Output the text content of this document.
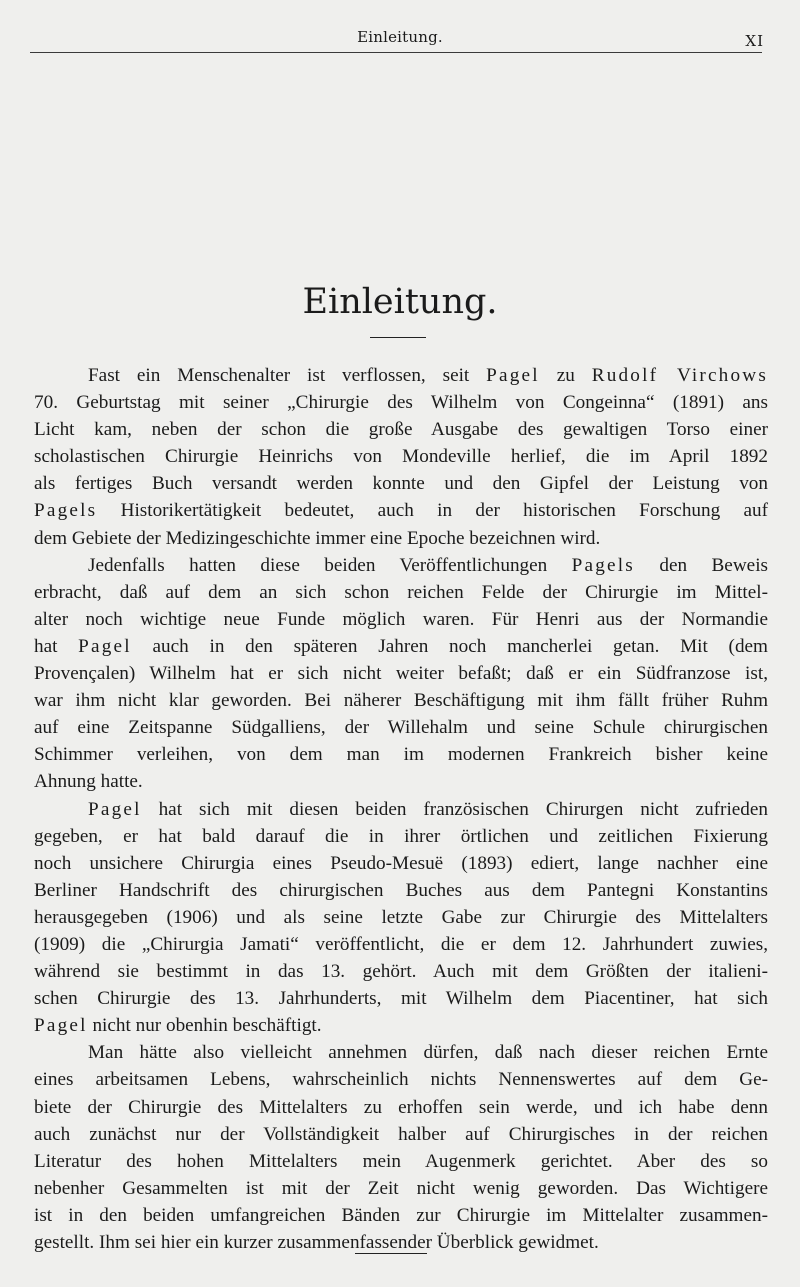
Einleitung.	XI
Einleitung.
Fast ein Menschenalter ist verflossen, seit Pagel zu Rudolf Virchows
70. Geburtstag mit seiner „Chirurgie des Wilhelm von Congeinna“ (1891) ans
Licht kam, neben der schon die große Ausgabe des gewaltigen Torso einer
scholastischen Chirurgie Heinrichs von Mondeville herlief, die im April 1892
als fertiges Buch versandt werden konnte und den Gipfel der Leistung von
Pagels Historikertätigkeit bedeutet, auch in der historischen Forschung auf
dem Gebiete der Medizingeschichte immer eine Epoche bezeichnen wird.
Jedenfalls hatten diese beiden Veröffentlichungen Pagels den Beweis
erbracht, daß auf dem an sich schon reichen Felde der Chirurgie im Mittel-
alter noch wichtige neue Funde möglich waren. Für Henri aus der Normandie
hat Pagel auch in den späteren Jahren noch mancherlei getan. Mit (dem
Provençalen) Wilhelm hat er sich nicht weiter befaßt; daß er ein Südfranzose ist,
war ihm nicht klar geworden. Bei näherer Beschäftigung mit ihm fällt früher Ruhm
auf eine Zeitspanne Südgalliens, der Willehalm und seine Schule chirurgischen
Schimmer verleihen, von dem man im modernen Frankreich bisher keine
Ahnung hatte.
Pagel hat sich mit diesen beiden französischen Chirurgen nicht zufrieden
gegeben, er hat bald darauf die in ihrer örtlichen und zeitlichen Fixierung
noch unsichere Chirurgia eines Pseudo-Mesuë (1893) ediert, lange nachher eine
Berliner Handschrift des chirurgischen Buches aus dem Pantegni Konstantins
herausgegeben (1906) und als seine letzte Gabe zur Chirurgie des Mittelalters
(1909) die „Chirurgia Jamati“ veröffentlicht, die er dem 12. Jahrhundert zuwies,
während sie bestimmt in das 13. gehört. Auch mit dem Größten der italieni-
schen Chirurgie des 13. Jahrhunderts, mit Wilhelm dem Piacentiner, hat sich
Pagel nicht nur obenhin beschäftigt.
Man hätte also vielleicht annehmen dürfen, daß nach dieser reichen Ernte
eines arbeitsamen Lebens, wahrscheinlich nichts Nennenswertes auf dem Ge-
biete der Chirurgie des Mittelalters zu erhoffen sein werde, und ich habe denn
auch zunächst nur der Vollständigkeit halber auf Chirurgisches in der reichen
Literatur des hohen Mittelalters mein Augenmerk gerichtet. Aber des so
nebenher Gesammelten ist mit der Zeit nicht wenig geworden. Das Wichtigere
ist in den beiden umfangreichen Bänden zur Chirurgie im Mittelalter zusammen-
gestellt. Ihm sei hier ein kurzer zusammenfassender Überblick gewidmet.
